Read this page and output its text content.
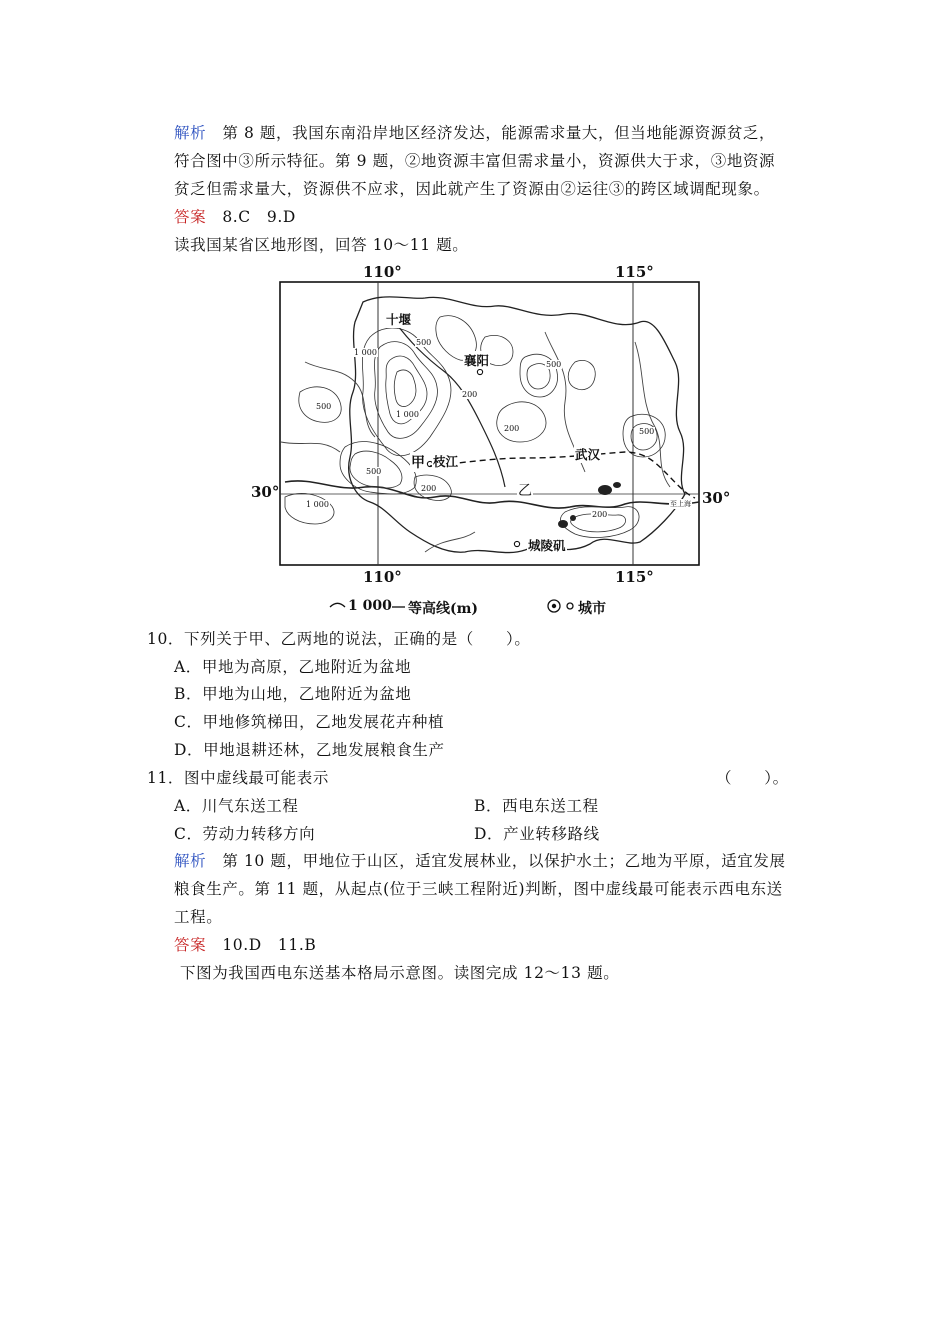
解析　 第 8 题，我国东南沿岸地区经济发达，能源需求量大，但当地能源资源贫乏，
符合图中③所示特征。第 9 题，②地资源丰富但需求量小，资源供大于求，③地资源
贫乏但需求量大，资源供不应求，因此就产生了资源由②运往③的跨区域调配现象。
答案　 8.C　9.D
读我国某省区地形图，回答 10～11 题。
110°	115°
110°	115°
30°	30°
十堰
襄阳
武汉
枝江
城陵矶
甲
乙
至上海
1 000
500
200
1 000
500
200	500
200
1 000
500
200
500
1 000 等高线(m)	城市
10．下列关于甲、乙两地的说法，正确的是（　　）。
A．甲地为高原，乙地附近为盆地
B．甲地为山地，乙地附近为盆地
C．甲地修筑梯田，乙地发展花卉种植
D．甲地退耕还林，乙地发展粮食生产
11．图中虚线最可能表示	（　　）。
A．川气东送工程	B．西电东送工程
C．劳动力转移方向	D．产业转移路线
解析　 第 10 题，甲地位于山区，适宜发展林业，以保护水土；乙地为平原，适宜发展
粮食生产。第 11 题，从起点(位于三峡工程附近)判断，图中虚线最可能表示西电东送
工程。
答案　 10.D　11.B
下图为我国西电东送基本格局示意图。读图完成 12～13 题。
